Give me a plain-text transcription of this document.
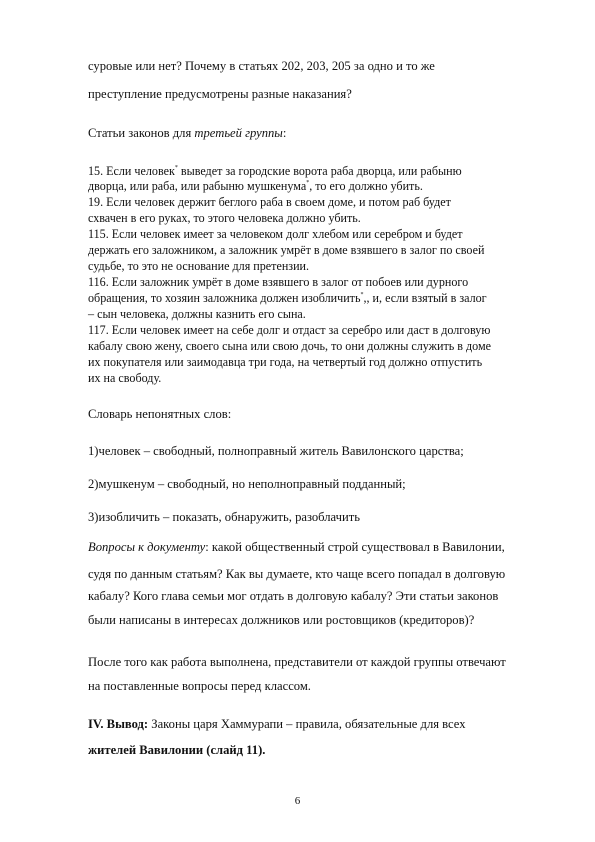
суровые или нет? Почему в статьях 202, 203, 205 за одно и то же
преступление предусмотрены разные наказания?
Статьи законов для третьей группы:
15. Если человек* выведет за городские ворота раба дворца, или рабыню
дворца, или раба, или рабыню мушкенума*, то его должно убить.
19. Если человек держит беглого раба в своем доме, и потом раб будет
схвачен в его руках, то этого человека должно убить.
115. Если человек имеет за человеком долг хлебом или серебром и будет
держать его заложником, а заложник умрёт в доме взявшего в залог по своей
судьбе, то это не основание для претензии.
116. Если заложник умрёт в доме взявшего в залог от побоев или дурного
обращения, то хозяин заложника должен изобличить*,, и, если взятый в залог
– сын человека, должны казнить его сына.
117. Если человек имеет на себе долг и отдаст за серебро или даст в долговую
кабалу свою жену, своего сына или свою дочь, то они должны служить в доме
их покупателя или заимодавца три года, на четвертый год должно отпустить
их на свободу.
Словарь непонятных слов:
1)человек – свободный, полноправный житель Вавилонского царства;
2)мушкенум – свободный, но неполноправный подданный;
3)изобличить – показать, обнаружить, разоблачить
Вопросы к документу: какой общественный строй существовал в Вавилонии,
судя по данным статьям? Как вы думаете, кто чаще всего попадал в долговую
кабалу? Кого глава семьи мог отдать в долговую кабалу? Эти статьи законов
были написаны в интересах должников или ростовщиков (кредиторов)?
После того как работа выполнена, представители от каждой группы отвечают
на поставленные вопросы перед классом.
IV. Вывод: Законы царя Хаммурапи – правила, обязательные для всех
жителей Вавилонии (слайд 11).
6
